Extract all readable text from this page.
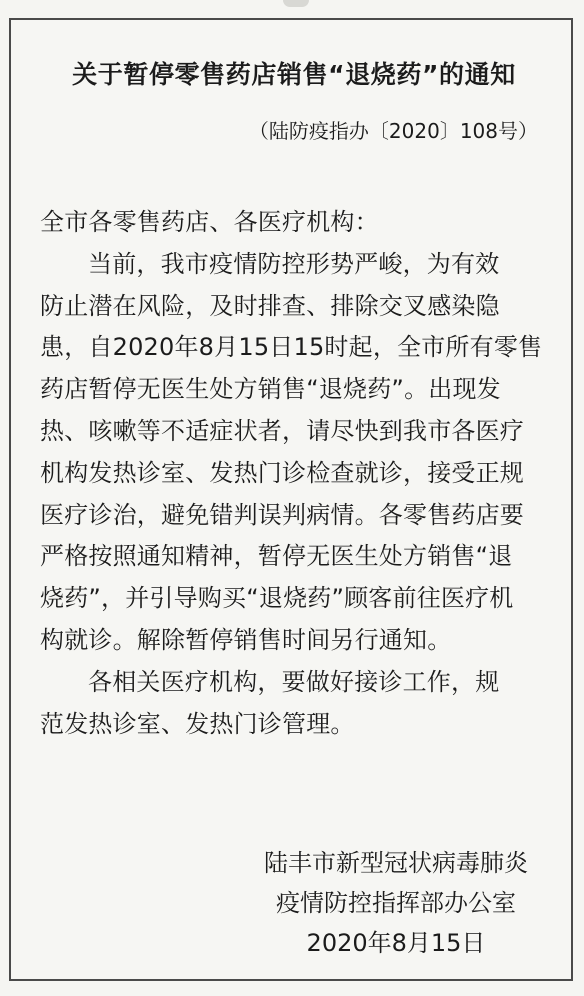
关于暂停零售药店销售“退烧药”的通知
（陆防疫指办〔2020〕108号）
全市各零售药店、各医疗机构：
当前，我市疫情防控形势严峻，为有效
防止潜在风险，及时排查、排除交叉感染隐
患，自2020年8月15日15时起，全市所有零售
药店暂停无医生处方销售“退烧药”。出现发
热、咳嗽等不适症状者，请尽快到我市各医疗
机构发热诊室、发热门诊检查就诊，接受正规
医疗诊治，避免错判误判病情。各零售药店要
严格按照通知精神，暂停无医生处方销售“退
烧药”，并引导购买“退烧药”顾客前往医疗机
构就诊。解除暂停销售时间另行通知。
各相关医疗机构，要做好接诊工作，规
范发热诊室、发热门诊管理。
陆丰市新型冠状病毒肺炎
疫情防控指挥部办公室
2020年8月15日
